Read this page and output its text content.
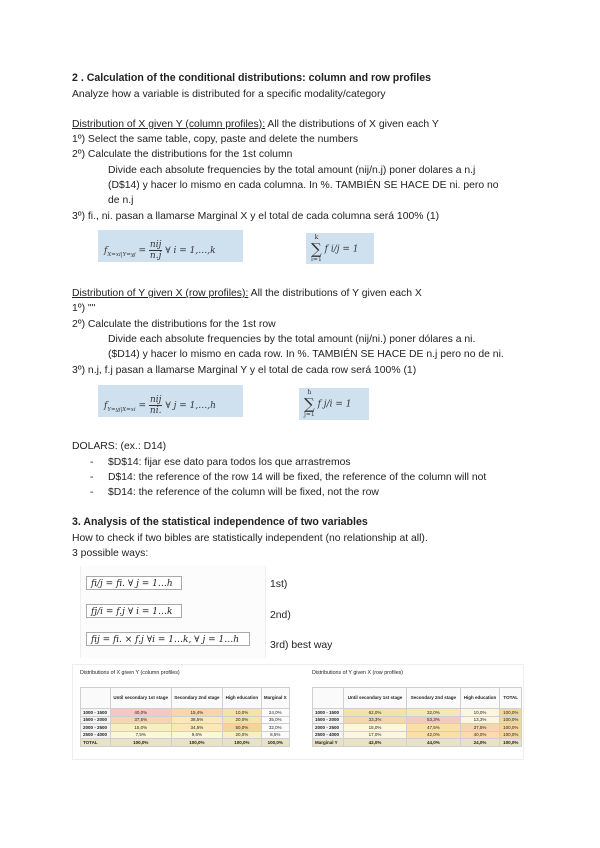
2 . Calculation of the conditional distributions: column and row profiles
Analyze how a variable is distributed for a specific modality/category
Distribution of X given Y (column profiles): All the distributions of X given each Y
1º) Select the same table, copy, paste and delete the numbers
2º) Calculate the distributions for the 1st column
Divide each absolute frequencies by the total amount (nij/n.j) poner dolares a n.j
(D$14) y hacer lo mismo en cada columna. In %. TAMBIÉN SE HACE DE ni. pero no
de n.j
3º) fi., ni. pasan a llamarse Marginal X y el total de cada columna será 100% (1)
$f_{X=xi|Y=yj} = \frac{\text{nij}}{n.j}$ ∀ i = 1,…,k
k
∑
i=1
f i/j = 1
Distribution of Y given X (row profiles): All the distributions of Y given each X
1º) ""
2º) Calculate the distributions for the 1st row
Divide each absolute frequencies by the total amount (nij/ni.) poner dólares a ni.
($D14) y hacer lo mismo en cada row. In %. TAMBIÉN SE HACE DE n.j pero no de ni.
3º) n.j, f.j pasan a llamarse Marginal Y y el total de cada row será 100% (1)
$f_{Y=yj|X=xi} = \frac{\text{nij}}{ni.}$ ∀ j = 1,…,h
h
∑
j=1
f j/i = 1
DOLARS: (ex.: D14)
- $D$14: fijar ese dato para todos los que arrastremos
- D$14: the reference of the row 14 will be fixed, the reference of the column will not
- $D14: the reference of the column will be fixed, not the row
3. Analysis of the statistical independence of two variables
How to check if two bibles are statistically independent (no relationship at all).
3 possible ways:
fi/j = fi. ∀ j = 1…h
fj/i = f.j ∀ i = 1…k
fij = fi. × f.j ∀i = 1…k, ∀ j = 1…h
1st)
2nd)
3rd) best way
Distributions of X given Y (column profiles)
	Until secondary 1st stage	Secondary 2nd stage	High education	Marginal X
1000 - 1500	40,0%	15,4%	10,0%	24,0%
1500 - 2000	37,5%	38,5%	20,0%	35,0%
2000 - 2500	15,0%	34,5%	50,0%	32,0%
2500 - 4000	7,5%	9,6%	20,0%	8,5%
TOTAL	100,0%	100,0%	100,0%	100,0%
Distributions of Y given X (row profiles)
	Until secondary 1st stage	Secondary 2nd stage	High education	TOTAL
1000 - 1500	62,0%	32,0%	10,0%	100,0%
1500 - 2000	33,3%	53,3%	13,3%	100,0%
2000 - 2500	15,0%	47,5%	37,5%	100,0%
2500 - 4000	17,0%	42,0%	40,0%	100,0%
Marginal Y	42,0%	44,0%	24,0%	100,0%
